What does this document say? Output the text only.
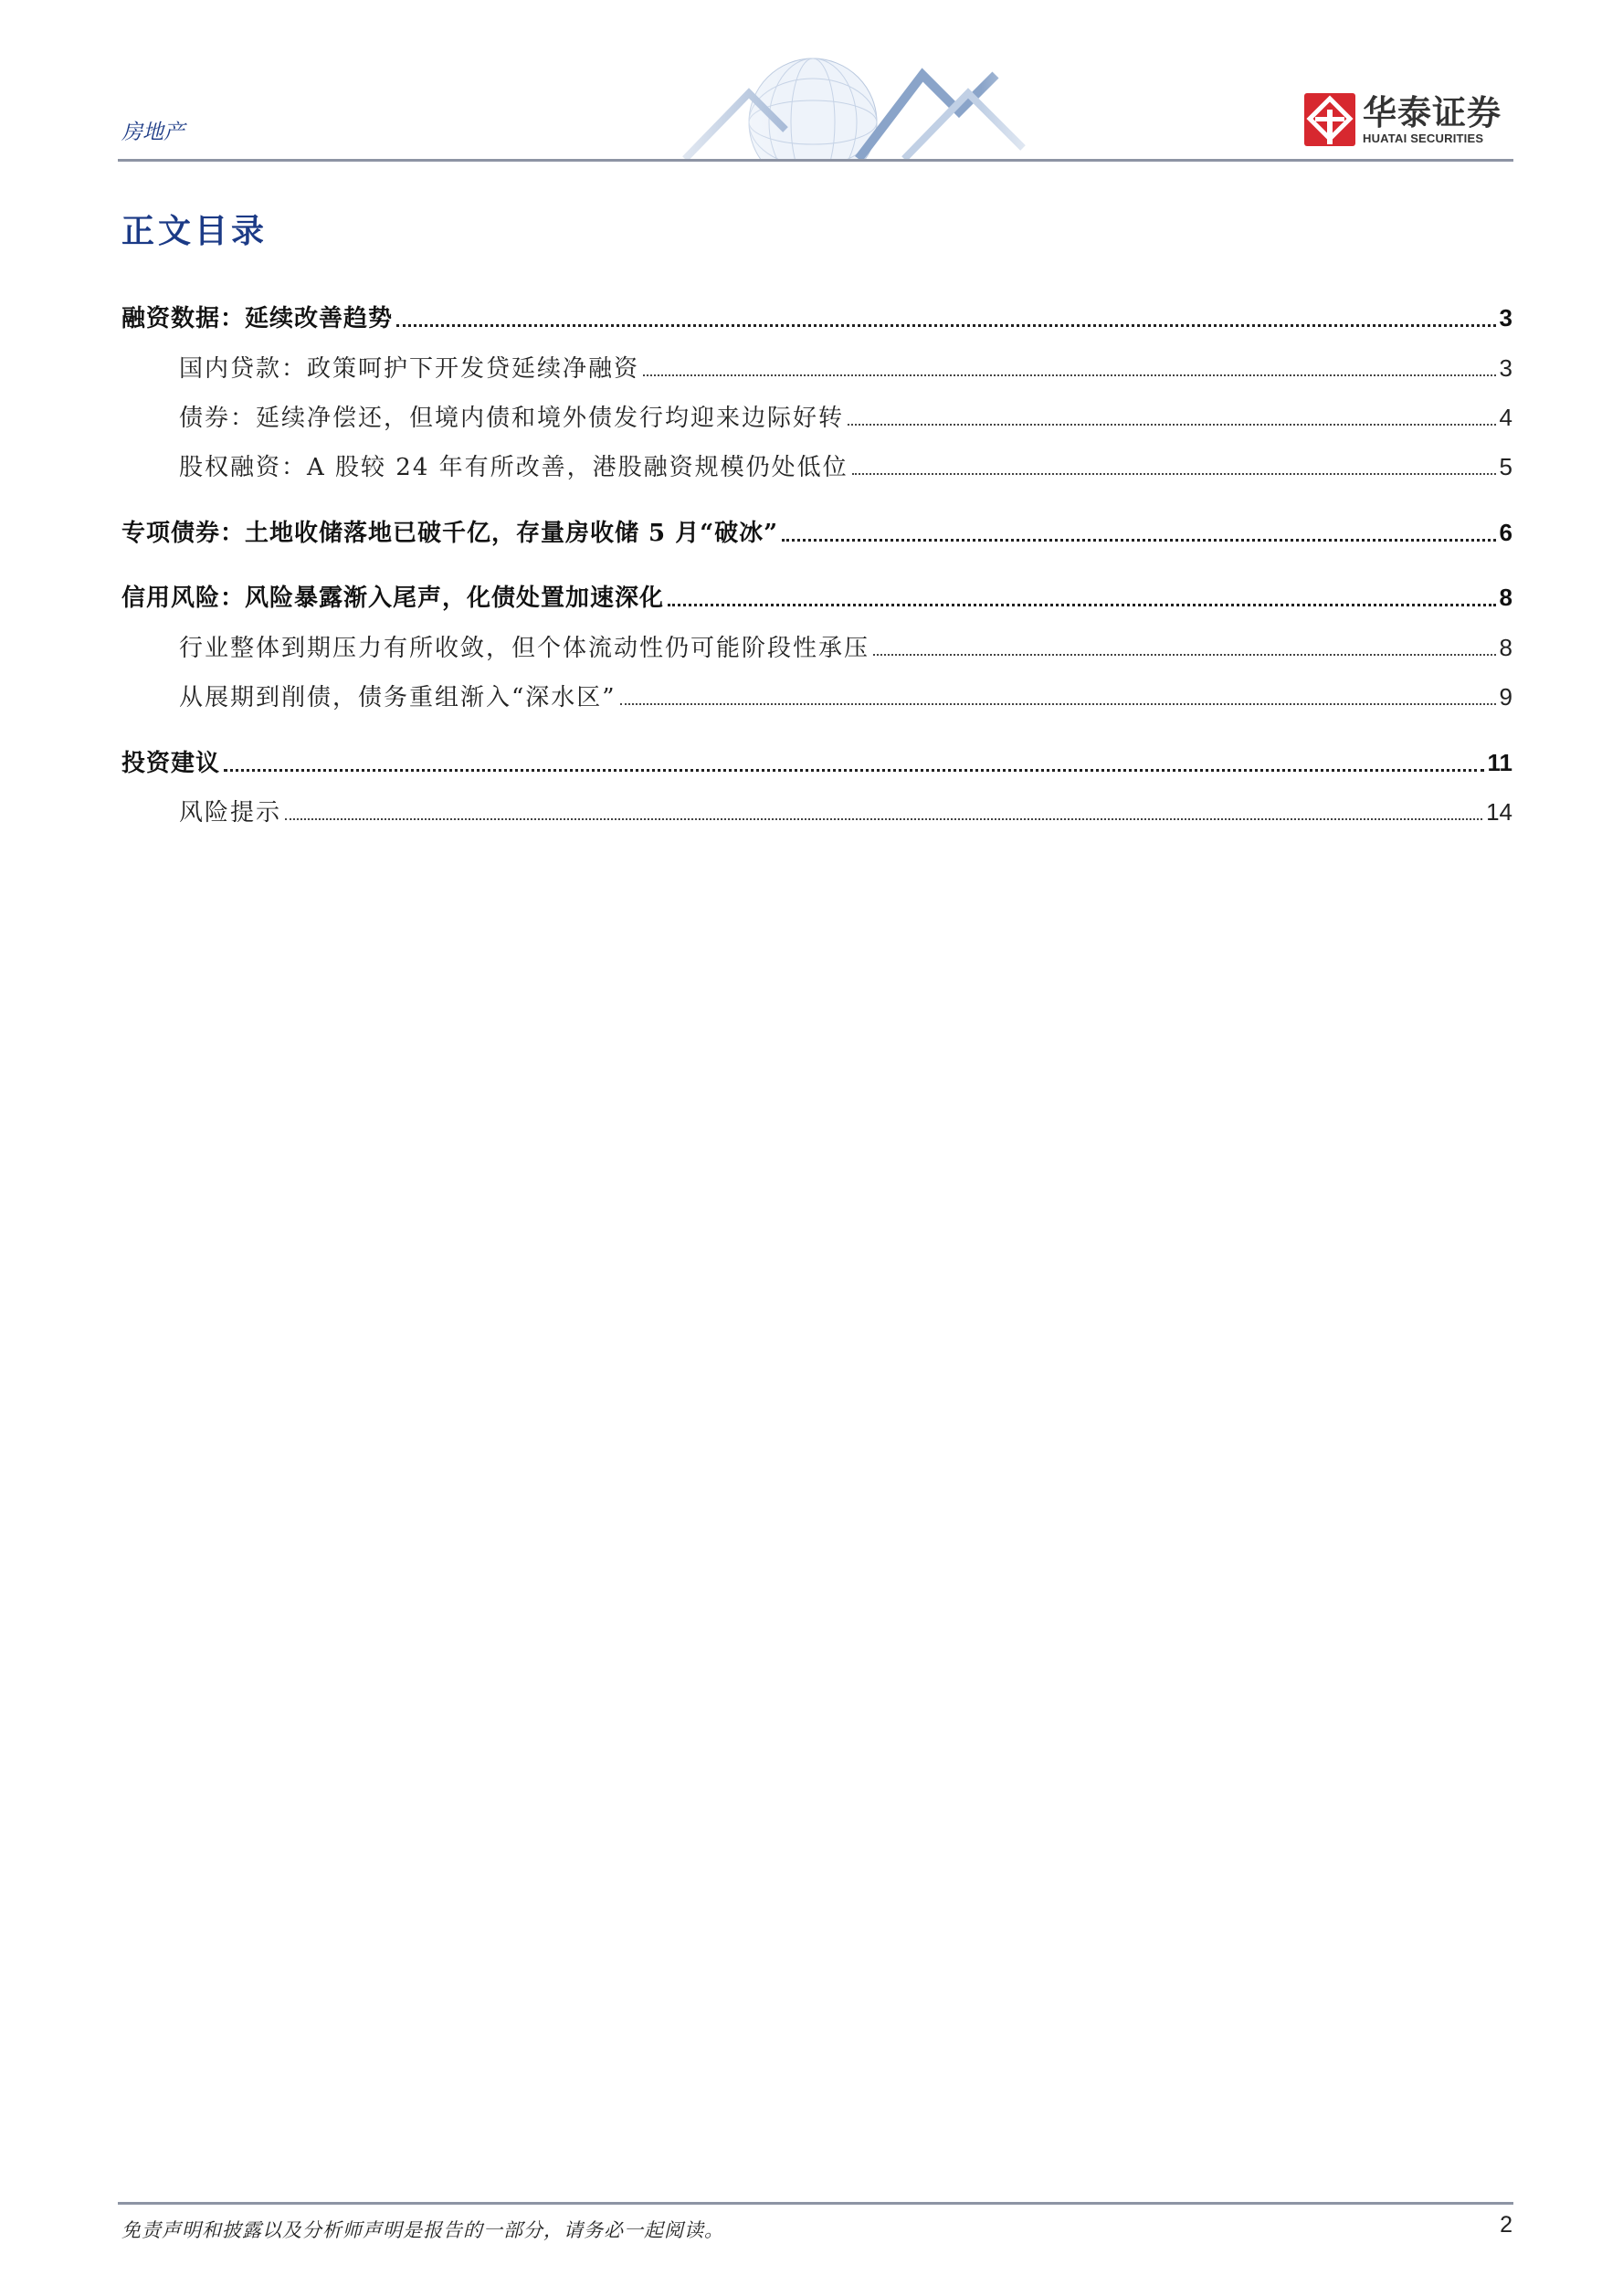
房地产
华泰证券
HUATAI SECURITIES
正文目录
融资数据：延续改善趋势	3
国内贷款：政策呵护下开发贷延续净融资	3
债券：延续净偿还，但境内债和境外债发行均迎来边际好转	4
股权融资：A 股较 24 年有所改善，港股融资规模仍处低位	5
专项债券：土地收储落地已破千亿，存量房收储 5 月“破冰”	6
信用风险：风险暴露渐入尾声，化债处置加速深化	8
行业整体到期压力有所收敛，但个体流动性仍可能阶段性承压	8
从展期到削债，债务重组渐入“深水区”	9
投资建议	11
风险提示	14
免责声明和披露以及分析师声明是报告的一部分，请务必一起阅读。	2
